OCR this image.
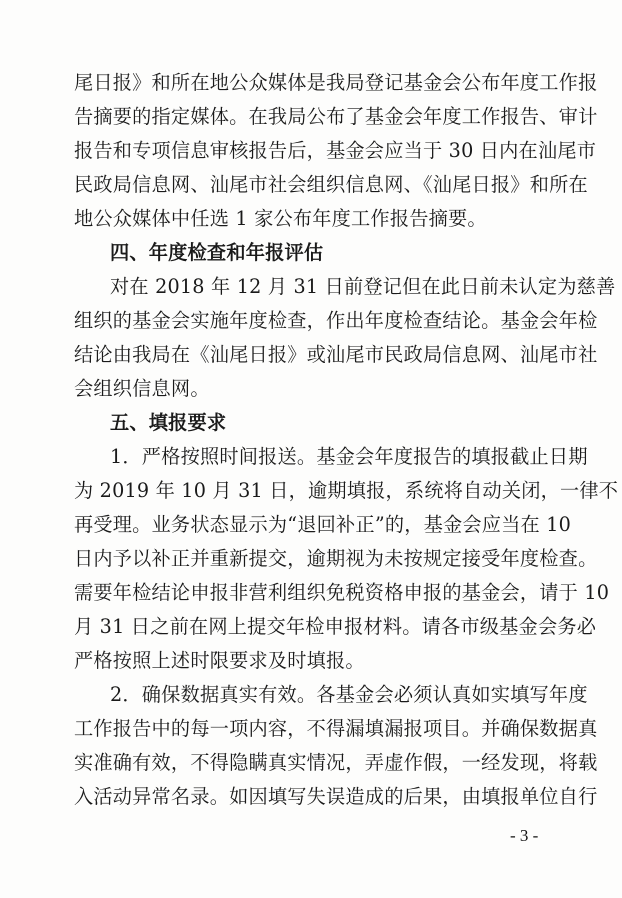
尾日报》和所在地公众媒体是我局登记基金会公布年度工作报
告摘要的指定媒体。在我局公布了基金会年度工作报告、审计
报告和专项信息审核报告后，基金会应当于 30 日内在汕尾市
民政局信息网、汕尾市社会组织信息网、《汕尾日报》和所在
地公众媒体中任选 1 家公布年度工作报告摘要。
四、年度检查和年报评估
对在 2018 年 12 月 31 日前登记但在此日前未认定为慈善
组织的基金会实施年度检查，作出年度检查结论。基金会年检
结论由我局在《汕尾日报》或汕尾市民政局信息网、汕尾市社
会组织信息网。
五、填报要求
1．严格按照时间报送。基金会年度报告的填报截止日期
为 2019 年 10 月 31 日，逾期填报，系统将自动关闭，一律不
再受理。业务状态显示为“退回补正”的，基金会应当在 10
日内予以补正并重新提交，逾期视为未按规定接受年度检查。
需要年检结论申报非营利组织免税资格申报的基金会，请于 10
月 31 日之前在网上提交年检申报材料。请各市级基金会务必
严格按照上述时限要求及时填报。
2．确保数据真实有效。各基金会必须认真如实填写年度
工作报告中的每一项内容，不得漏填漏报项目。并确保数据真
实准确有效，不得隐瞒真实情况，弄虚作假，一经发现，将载
入活动异常名录。如因填写失误造成的后果，由填报单位自行
- 3 -
